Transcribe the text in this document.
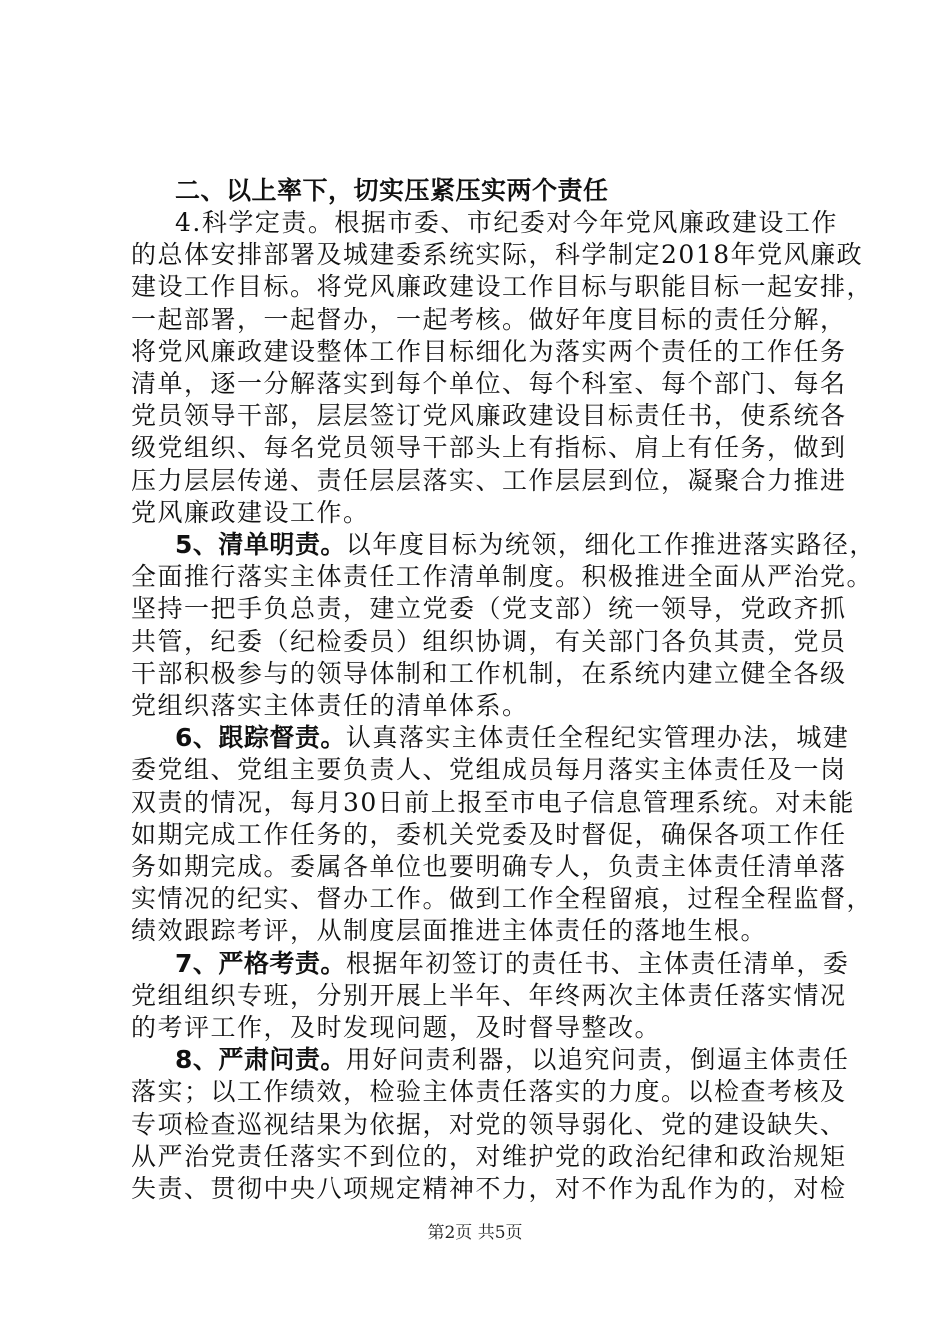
二、以上率下，切实压紧压实两个责任
4.科学定责。根据市委、市纪委对今年党风廉政建设工作
的总体安排部署及城建委系统实际，科学制定2018年党风廉政
建设工作目标。将党风廉政建设工作目标与职能目标一起安排，
一起部署，一起督办，一起考核。做好年度目标的责任分解，
将党风廉政建设整体工作目标细化为落实两个责任的工作任务
清单，逐一分解落实到每个单位、每个科室、每个部门、每名
党员领导干部，层层签订党风廉政建设目标责任书，使系统各
级党组织、每名党员领导干部头上有指标、肩上有任务，做到
压力层层传递、责任层层落实、工作层层到位，凝聚合力推进
党风廉政建设工作。
5、清单明责。以年度目标为统领，细化工作推进落实路径，
全面推行落实主体责任工作清单制度。积极推进全面从严治党。
坚持一把手负总责，建立党委（党支部）统一领导，党政齐抓
共管，纪委（纪检委员）组织协调，有关部门各负其责，党员
干部积极参与的领导体制和工作机制，在系统内建立健全各级
党组织落实主体责任的清单体系。
6、跟踪督责。认真落实主体责任全程纪实管理办法，城建
委党组、党组主要负责人、党组成员每月落实主体责任及一岗
双责的情况，每月30日前上报至市电子信息管理系统。对未能
如期完成工作任务的，委机关党委及时督促，确保各项工作任
务如期完成。委属各单位也要明确专人，负责主体责任清单落
实情况的纪实、督办工作。做到工作全程留痕，过程全程监督，
绩效跟踪考评，从制度层面推进主体责任的落地生根。
7、严格考责。根据年初签订的责任书、主体责任清单，委
党组组织专班，分别开展上半年、年终两次主体责任落实情况
的考评工作，及时发现问题，及时督导整改。
8、严肃问责。用好问责利器，以追究问责，倒逼主体责任
落实；以工作绩效，检验主体责任落实的力度。以检查考核及
专项检查巡视结果为依据，对党的领导弱化、党的建设缺失、
从严治党责任落实不到位的，对维护党的政治纪律和政治规矩
失责、贯彻中央八项规定精神不力，对不作为乱作为的，对检
第2页 共5页
